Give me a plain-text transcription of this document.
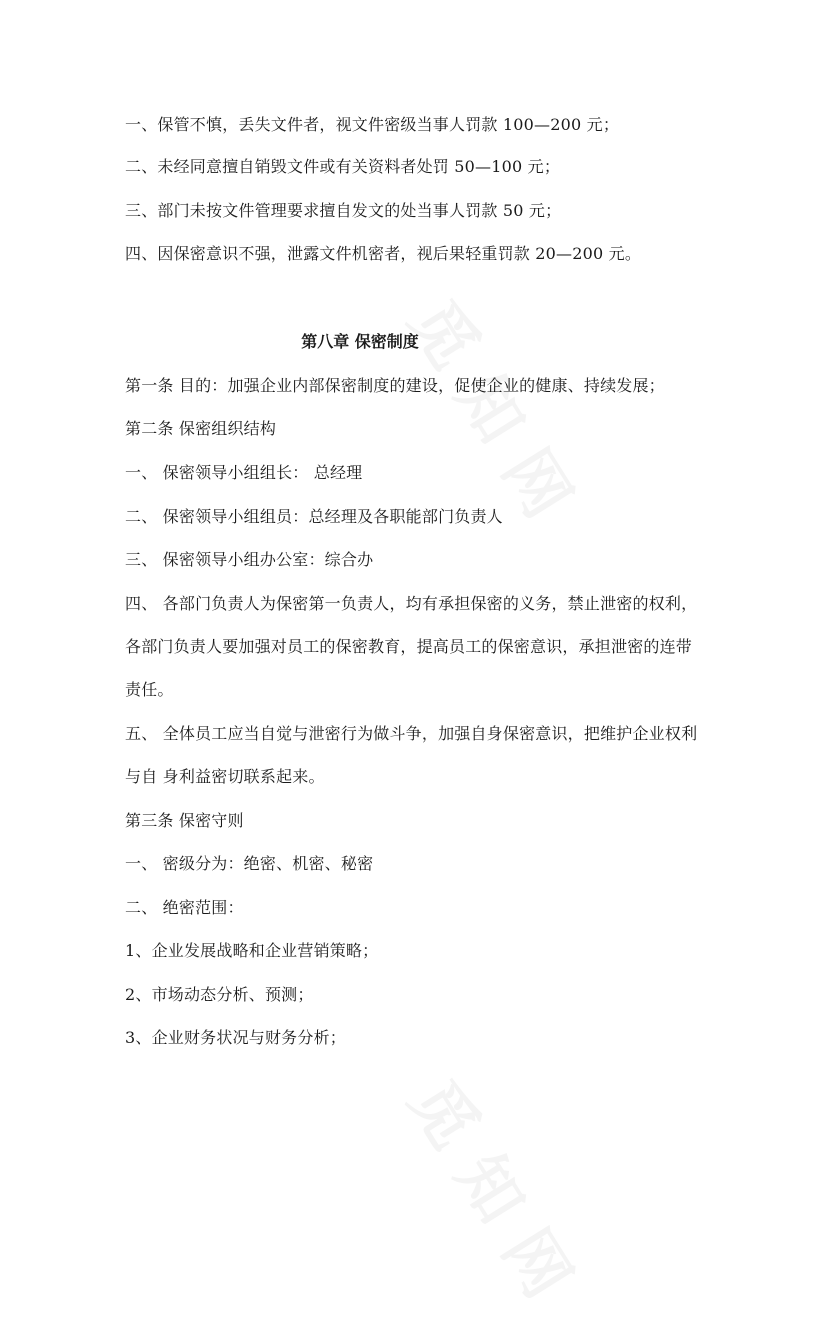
一、保管不慎，丢失文件者，视文件密级当事人罚款 100—200 元；
二、未经同意擅自销毁文件或有关资料者处罚 50—100 元；
三、部门未按文件管理要求擅自发文的处当事人罚款 50 元；
四、因保密意识不强，泄露文件机密者，视后果轻重罚款 20—200 元。
第八章 保密制度
第一条 目的：加强企业内部保密制度的建设，促使企业的健康、持续发展；
第二条 保密组织结构
一、 保密领导小组组长： 总经理
二、 保密领导小组组员：总经理及各职能部门负责人
三、 保密领导小组办公室：综合办
四、 各部门负责人为保密第一负责人，均有承担保密的义务，禁止泄密的权利，
各部门负责人要加强对员工的保密教育，提高员工的保密意识，承担泄密的连带
责任。
五、 全体员工应当自觉与泄密行为做斗争，加强自身保密意识，把维护企业权利
与自 身利益密切联系起来。
第三条 保密守则
一、 密级分为：绝密、机密、秘密
二、 绝密范围：
1、企业发展战略和企业营销策略；
2、市场动态分析、预测；
3、企业财务状况与财务分析；
